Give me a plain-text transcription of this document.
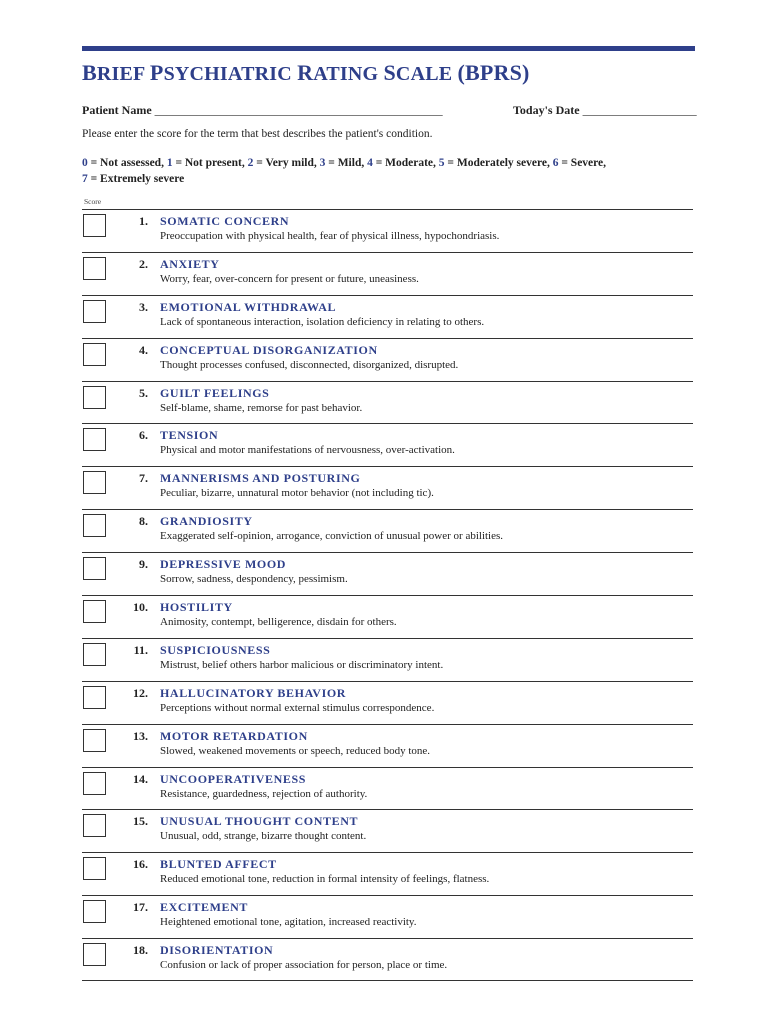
BRIEF PSYCHIATRIC RATING SCALE (BPRS)
Patient Name ________________________________________________	Today's Date ___________________
Please enter the score for the term that best describes the patient's condition.
0 = Not assessed, 1 = Not present, 2 = Very mild, 3 = Mild, 4 = Moderate, 5 = Moderately severe, 6 = Severe,
7 = Extremely severe
Score
1. SOMATIC CONCERN
Preoccupation with physical health, fear of physical illness, hypochondriasis.
2. ANXIETY
Worry, fear, over-concern for present or future, uneasiness.
3. EMOTIONAL WITHDRAWAL
Lack of spontaneous interaction, isolation deficiency in relating to others.
4. CONCEPTUAL DISORGANIZATION
Thought processes confused, disconnected, disorganized, disrupted.
5. GUILT FEELINGS
Self-blame, shame, remorse for past behavior.
6. TENSION
Physical and motor manifestations of nervousness, over-activation.
7. MANNERISMS AND POSTURING
Peculiar, bizarre, unnatural motor behavior (not including tic).
8. GRANDIOSITY
Exaggerated self-opinion, arrogance, conviction of unusual power or abilities.
9. DEPRESSIVE MOOD
Sorrow, sadness, despondency, pessimism.
10. HOSTILITY
Animosity, contempt, belligerence, disdain for others.
11. SUSPICIOUSNESS
Mistrust, belief others harbor malicious or discriminatory intent.
12. HALLUCINATORY BEHAVIOR
Perceptions without normal external stimulus correspondence.
13. MOTOR RETARDATION
Slowed, weakened movements or speech, reduced body tone.
14. UNCOOPERATIVENESS
Resistance, guardedness, rejection of authority.
15. UNUSUAL THOUGHT CONTENT
Unusual, odd, strange, bizarre thought content.
16. BLUNTED AFFECT
Reduced emotional tone, reduction in formal intensity of feelings, flatness.
17. EXCITEMENT
Heightened emotional tone, agitation, increased reactivity.
18. DISORIENTATION
Confusion or lack of proper association for person, place or time.
